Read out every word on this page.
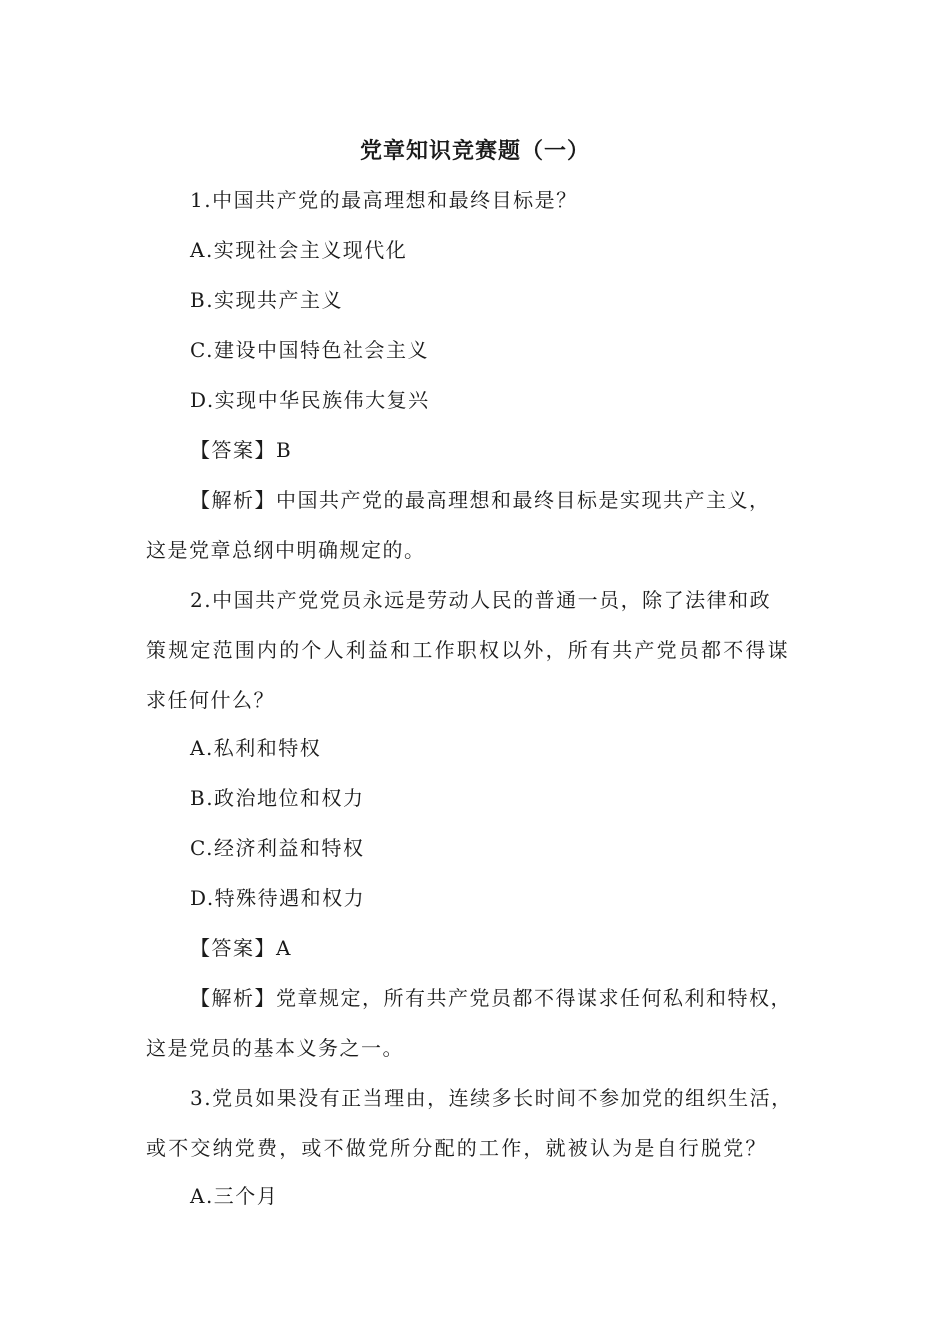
党章知识竞赛题（一）
1.中国共产党的最高理想和最终目标是？
A.实现社会主义现代化
B.实现共产主义
C.建设中国特色社会主义
D.实现中华民族伟大复兴
【答案】B
【解析】中国共产党的最高理想和最终目标是实现共产主义，
这是党章总纲中明确规定的。
2.中国共产党党员永远是劳动人民的普通一员，除了法律和政
策规定范围内的个人利益和工作职权以外，所有共产党员都不得谋
求任何什么？
A.私利和特权
B.政治地位和权力
C.经济利益和特权
D.特殊待遇和权力
【答案】A
【解析】党章规定，所有共产党员都不得谋求任何私利和特权，
这是党员的基本义务之一。
3.党员如果没有正当理由，连续多长时间不参加党的组织生活，
或不交纳党费，或不做党所分配的工作，就被认为是自行脱党？
A.三个月
